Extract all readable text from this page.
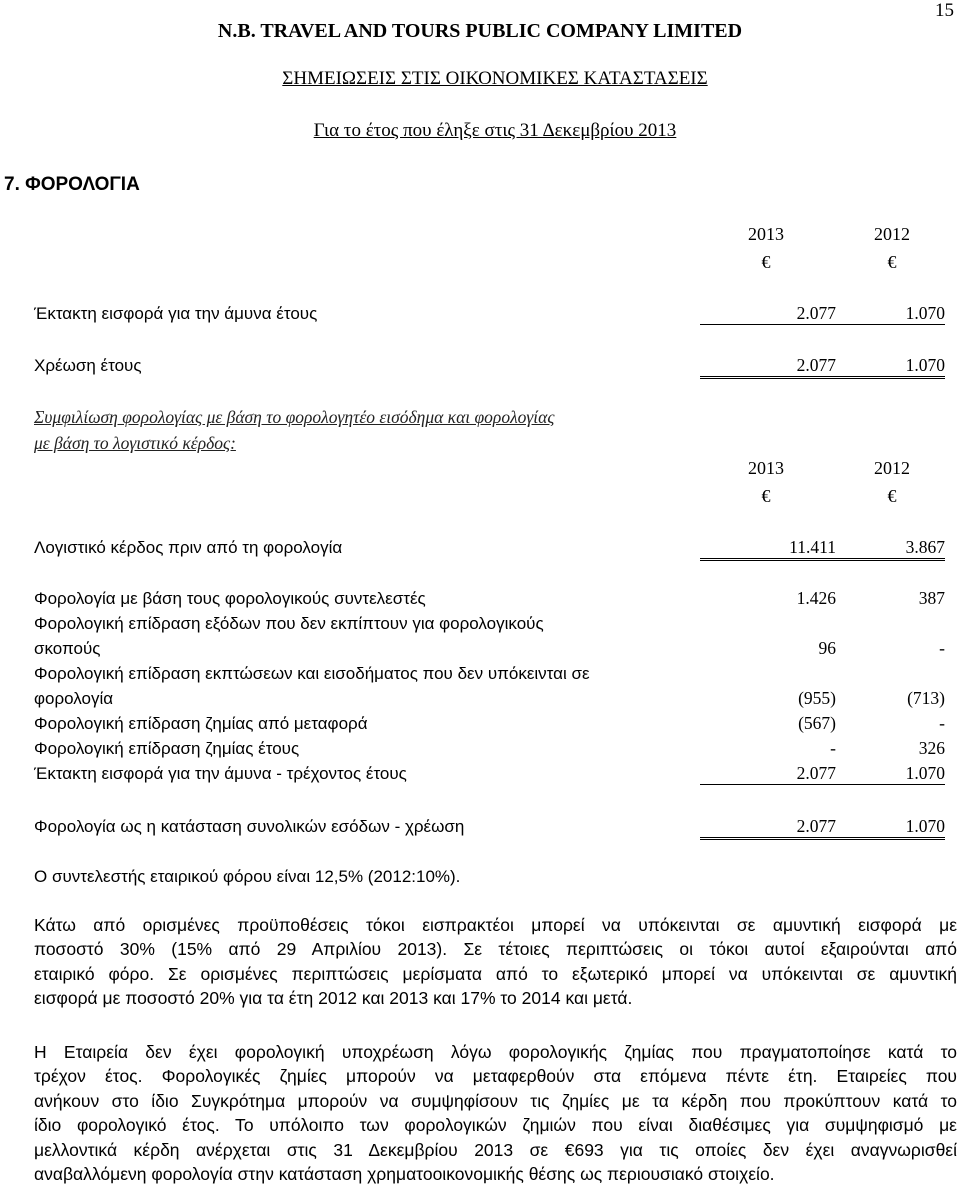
15
N.B. TRAVEL AND TOURS PUBLIC COMPANY LIMITED
ΣΗΜΕΙΩΣΕΙΣ ΣΤΙΣ ΟΙΚΟΝΟΜΙΚΕΣ ΚΑΤΑΣΤΑΣΕΙΣ
Για το έτος που έληξε στις 31 Δεκεμβρίου 2013
7. ΦΟΡΟΛΟΓΙΑ
2013	2012
€	€
Έκτακτη εισφορά για την άμυνα έτους	2.077	1.070
Χρέωση έτους	2.077	1.070
Συμφιλίωση φορολογίας με βάση το φορολογητέο εισόδημα και φορολογίας
με βάση το λογιστικό κέρδος:
2013	2012
€	€
Λογιστικό κέρδος πριν από τη φορολογία	11.411	3.867
Φορολογία με βάση τους φορολογικούς συντελεστές	1.426	387
Φορολογική επίδραση εξόδων που δεν εκπίπτουν για φορολογικούς
σκοπούς	96	-
Φορολογική επίδραση εκπτώσεων και εισοδήματος που δεν υπόκεινται σε
φορολογία	(955)	(713)
Φορολογική επίδραση ζημίας από μεταφορά	(567)	-
Φορολογική επίδραση ζημίας έτους	-	326
Έκτακτη εισφορά για την άμυνα - τρέχοντος έτους	2.077	1.070
Φορολογία ως η κατάσταση συνολικών εσόδων - χρέωση	2.077	1.070
Ο συντελεστής εταιρικού φόρου είναι 12,5% (2012:10%).
Κάτω από ορισμένες προϋποθέσεις τόκοι εισπρακτέοι μπορεί να υπόκεινται σε αμυντική εισφορά με
ποσοστό 30% (15% από 29 Απριλίου 2013). Σε τέτοιες περιπτώσεις οι τόκοι αυτοί εξαιρούνται από
εταιρικό φόρο. Σε ορισμένες περιπτώσεις μερίσματα από το εξωτερικό μπορεί να υπόκεινται σε αμυντική
εισφορά με ποσοστό 20% για τα έτη 2012 και 2013 και 17% το 2014 και μετά.
Η Εταιρεία δεν έχει φορολογική υποχρέωση λόγω φορολογικής ζημίας που πραγματοποίησε κατά το
τρέχον έτος. Φορολογικές ζημίες μπορούν να μεταφερθούν στα επόμενα πέντε έτη. Εταιρείες που
ανήκουν στο ίδιο Συγκρότημα μπορούν να συμψηφίσουν τις ζημίες με τα κέρδη που προκύπτουν κατά το
ίδιο φορολογικό έτος. Το υπόλοιπο των φορολογικών ζημιών που είναι διαθέσιμες για συμψηφισμό με
μελλοντικά κέρδη ανέρχεται στις 31 Δεκεμβρίου 2013 σε €693 για τις οποίες δεν έχει αναγνωρισθεί
αναβαλλόμενη φορολογία στην κατάσταση χρηματοοικονομικής θέσης ως περιουσιακό στοιχείο.
